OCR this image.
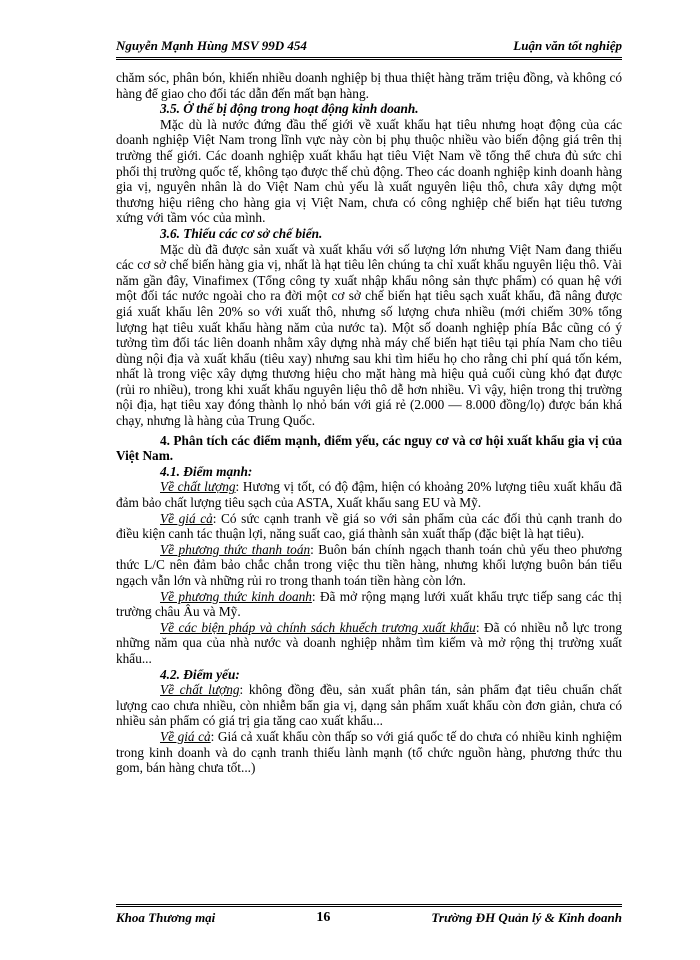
Nguyễn Mạnh Hùng MSV 99D 454	Luận văn tốt nghiệp

chăm sóc, phân bón, khiến nhiều doanh nghiệp bị thua thiệt hàng trăm triệu đồng, và không có hàng để giao cho đối tác dẫn đến mất bạn hàng.

3.5. Ở thế bị động trong hoạt động kinh doanh.

Mặc dù là nước đứng đầu thế giới về xuất khẩu hạt tiêu nhưng hoạt động của các doanh nghiệp Việt Nam trong lĩnh vực này còn bị phụ thuộc nhiều vào biến động giá trên thị trường thế giới. Các doanh nghiệp xuất khẩu hạt tiêu Việt Nam về tổng thể chưa đủ sức chi phối thị trường quốc tế, không tạo được thế chủ động. Theo các doanh nghiệp kinh doanh hàng gia vị, nguyên nhân là do Việt Nam chủ yếu là xuất nguyên liệu thô, chưa xây dựng một thương hiệu riêng cho hàng gia vị Việt Nam, chưa có công nghiệp chế biến hạt tiêu tương xứng với tầm vóc của mình.

3.6. Thiếu các cơ sở chế biến.

Mặc dù đã được sản xuất và xuất khẩu với số lượng lớn nhưng Việt Nam đang thiếu các cơ sở chế biến hàng gia vị, nhất là hạt tiêu lên chúng ta chỉ xuất khẩu nguyên liệu thô. Vài năm gần đây, Vinafimex (Tổng công ty xuất nhập khẩu nông sản thực phẩm) có quan hệ với một đối tác nước ngoài cho ra đời một cơ sở chế biến hạt tiêu sạch xuất khẩu, đã nâng được giá xuất khẩu lên 20% so với xuất thô, nhưng số lượng chưa nhiều (mới chiếm 30% tổng lượng hạt tiêu xuất khẩu hàng năm của nước ta). Một số doanh nghiệp phía Bắc cũng có ý tưởng tìm đối tác liên doanh nhằm xây dựng nhà máy chế biến hạt tiêu tại phía Nam cho tiêu dùng nội địa và xuất khẩu (tiêu xay) nhưng sau khi tìm hiểu họ cho rằng chi phí quá tốn kém, nhất là trong việc xây dựng thương hiệu cho mặt hàng mà hiệu quả cuối cùng khó đạt được (rủi ro nhiều), trong khi xuất khẩu nguyên liệu thô dễ hơn nhiều. Vì vậy, hiện trong thị trường nội địa, hạt tiêu xay đóng thành lọ nhỏ bán với giá rẻ (2.000 — 8.000 đồng/lọ) được bán khá chạy, nhưng là hàng của Trung Quốc.

4. Phân tích các điểm mạnh, điểm yếu, các nguy cơ và cơ hội xuất khẩu gia vị của Việt Nam.

4.1. Điểm mạnh:

Về chất lượng: Hương vị tốt, có độ đậm, hiện có khoảng 20% lượng tiêu xuất khẩu đã đảm bảo chất lượng tiêu sạch của ASTA, Xuất khẩu sang EU và Mỹ.

Về giá cả: Có sức cạnh tranh về giá so với sản phẩm của các đối thủ cạnh tranh do điều kiện canh tác thuận lợi, năng suất cao, giá thành sản xuất thấp (đặc biệt là hạt tiêu).

Về phương thức thanh toán: Buôn bán chính ngạch thanh toán chủ yếu theo phương thức L/C nên đảm bảo chắc chắn trong việc thu tiền hàng, nhưng khối lượng buôn bán tiểu ngạch vẫn lớn và những rủi ro trong thanh toán tiền hàng còn lớn.

Về phương thức kinh doanh: Đã mở rộng mạng lưới xuất khẩu trực tiếp sang các thị trường châu Âu và Mỹ.

Về các biện pháp và chính sách khuếch trương xuất khẩu: Đã có nhiều nỗ lực trong những năm qua của nhà nước và doanh nghiệp nhằm tìm kiếm và mở rộng thị trường xuất khẩu...

4.2. Điểm yếu:

Về chất lượng: không đồng đều, sản xuất phân tán, sản phẩm đạt tiêu chuẩn chất lượng cao chưa nhiều, còn nhiễm bẩn gia vị, dạng sản phẩm xuất khẩu còn đơn giản, chưa có nhiều sản phẩm có giá trị gia tăng cao xuất khẩu...

Về giá cả: Giá cả xuất khẩu còn thấp so với giá quốc tế do chưa có nhiều kinh nghiệm trong kinh doanh và do cạnh tranh thiếu lành mạnh (tổ chức nguồn hàng, phương thức thu gom, bán hàng chưa tốt...)

Khoa Thương mại	16	Trường ĐH Quản lý & Kinh doanh
